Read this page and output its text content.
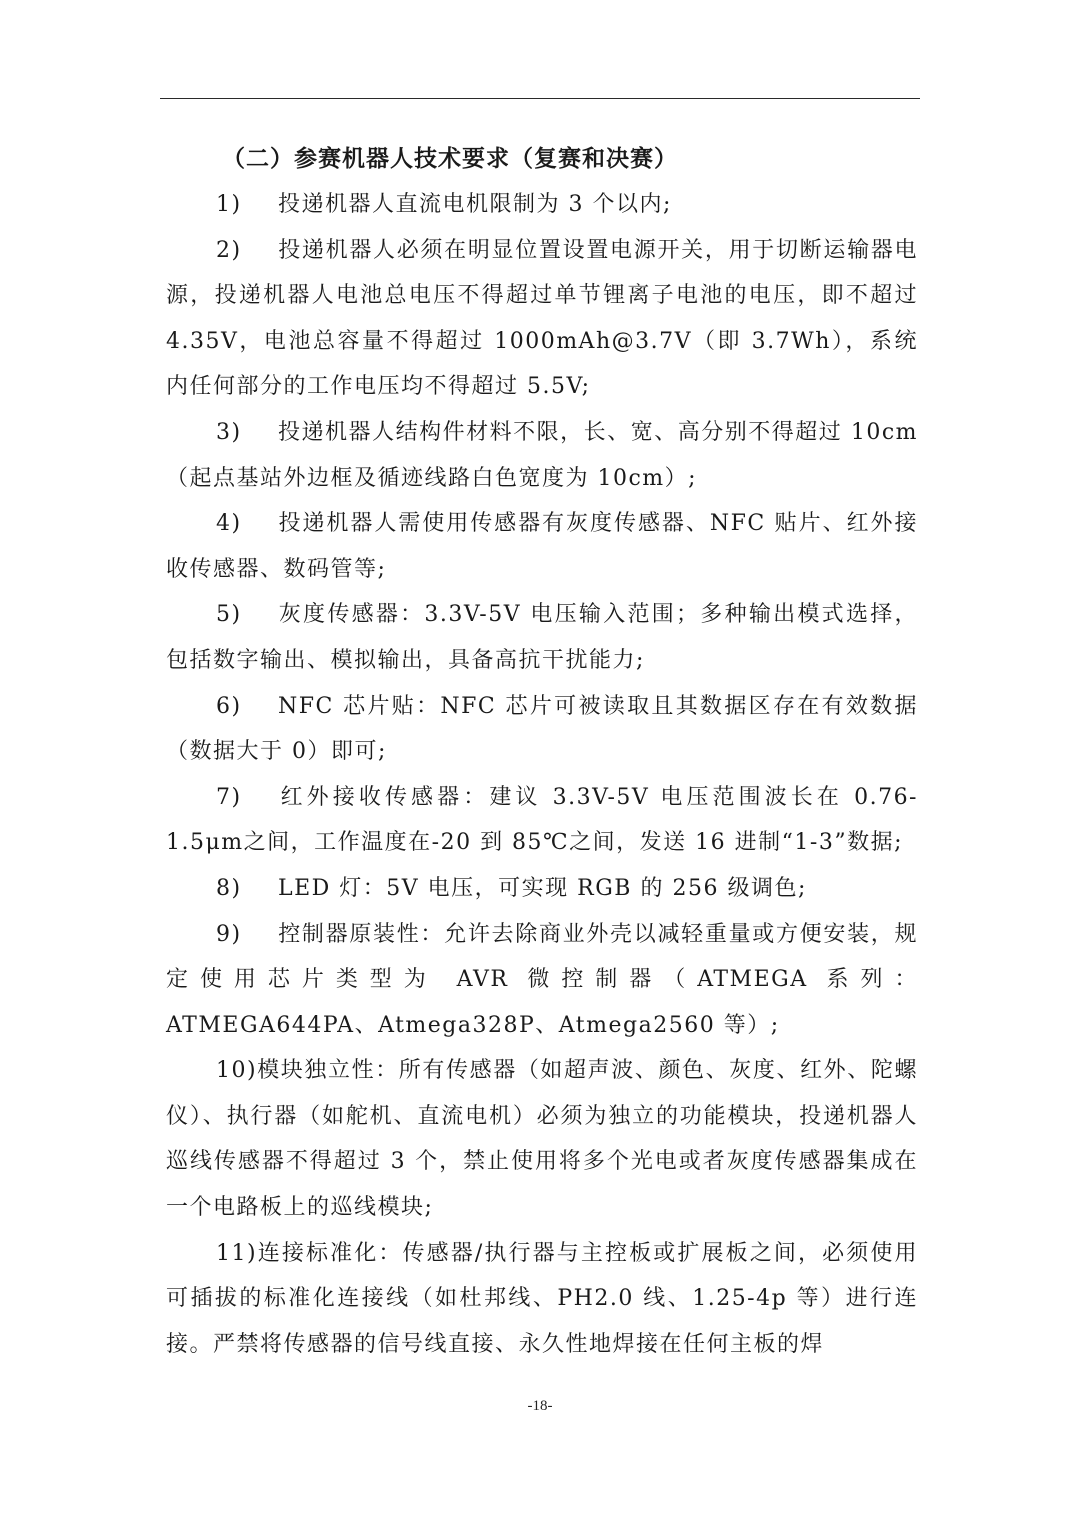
（二）参赛机器人技术要求（复赛和决赛）

1) 投递机器人直流电机限制为 3 个以内;

2) 投递机器人必须在明显位置设置电源开关，用于切断运输器电源，投递机器人电池总电压不得超过单节锂离子电池的电压，即不超过 4.35V，电池总容量不得超过 1000mAh@3.7V（即 3.7Wh），系统内任何部分的工作电压均不得超过 5.5V;

3) 投递机器人结构件材料不限，长、宽、高分别不得超过 10cm（起点基站外边框及循迹线路白色宽度为 10cm）;

4) 投递机器人需使用传感器有灰度传感器、NFC 贴片、红外接收传感器、数码管等;

5) 灰度传感器：3.3V-5V 电压输入范围；多种输出模式选择，包括数字输出、模拟输出，具备高抗干扰能力;

6) NFC 芯片贴：NFC 芯片可被读取且其数据区存在有效数据（数据大于 0）即可;

7) 红外接收传感器：建议 3.3V-5V 电压范围波长在 0.76-1.5μm之间，工作温度在-20 到 85℃之间，发送 16 进制“1-3”数据;

8) LED 灯：5V 电压，可实现 RGB 的 256 级调色;

9) 控制器原装性：允许去除商业外壳以减轻重量或方便安装，规定使用芯片类型为 AVR 微控制器（ATMEGA 系列：ATMEGA644PA、Atmega328P、Atmega2560 等）;

10)模块独立性：所有传感器（如超声波、颜色、灰度、红外、陀螺仪）、执行器（如舵机、直流电机）必须为独立的功能模块，投递机器人巡线传感器不得超过 3 个，禁止使用将多个光电或者灰度传感器集成在一个电路板上的巡线模块;

11)连接标准化：传感器/执行器与主控板或扩展板之间，必须使用可插拔的标准化连接线（如杜邦线、PH2.0 线、1.25-4p 等）进行连接。严禁将传感器的信号线直接、永久性地焊接在任何主板的焊

-18-
